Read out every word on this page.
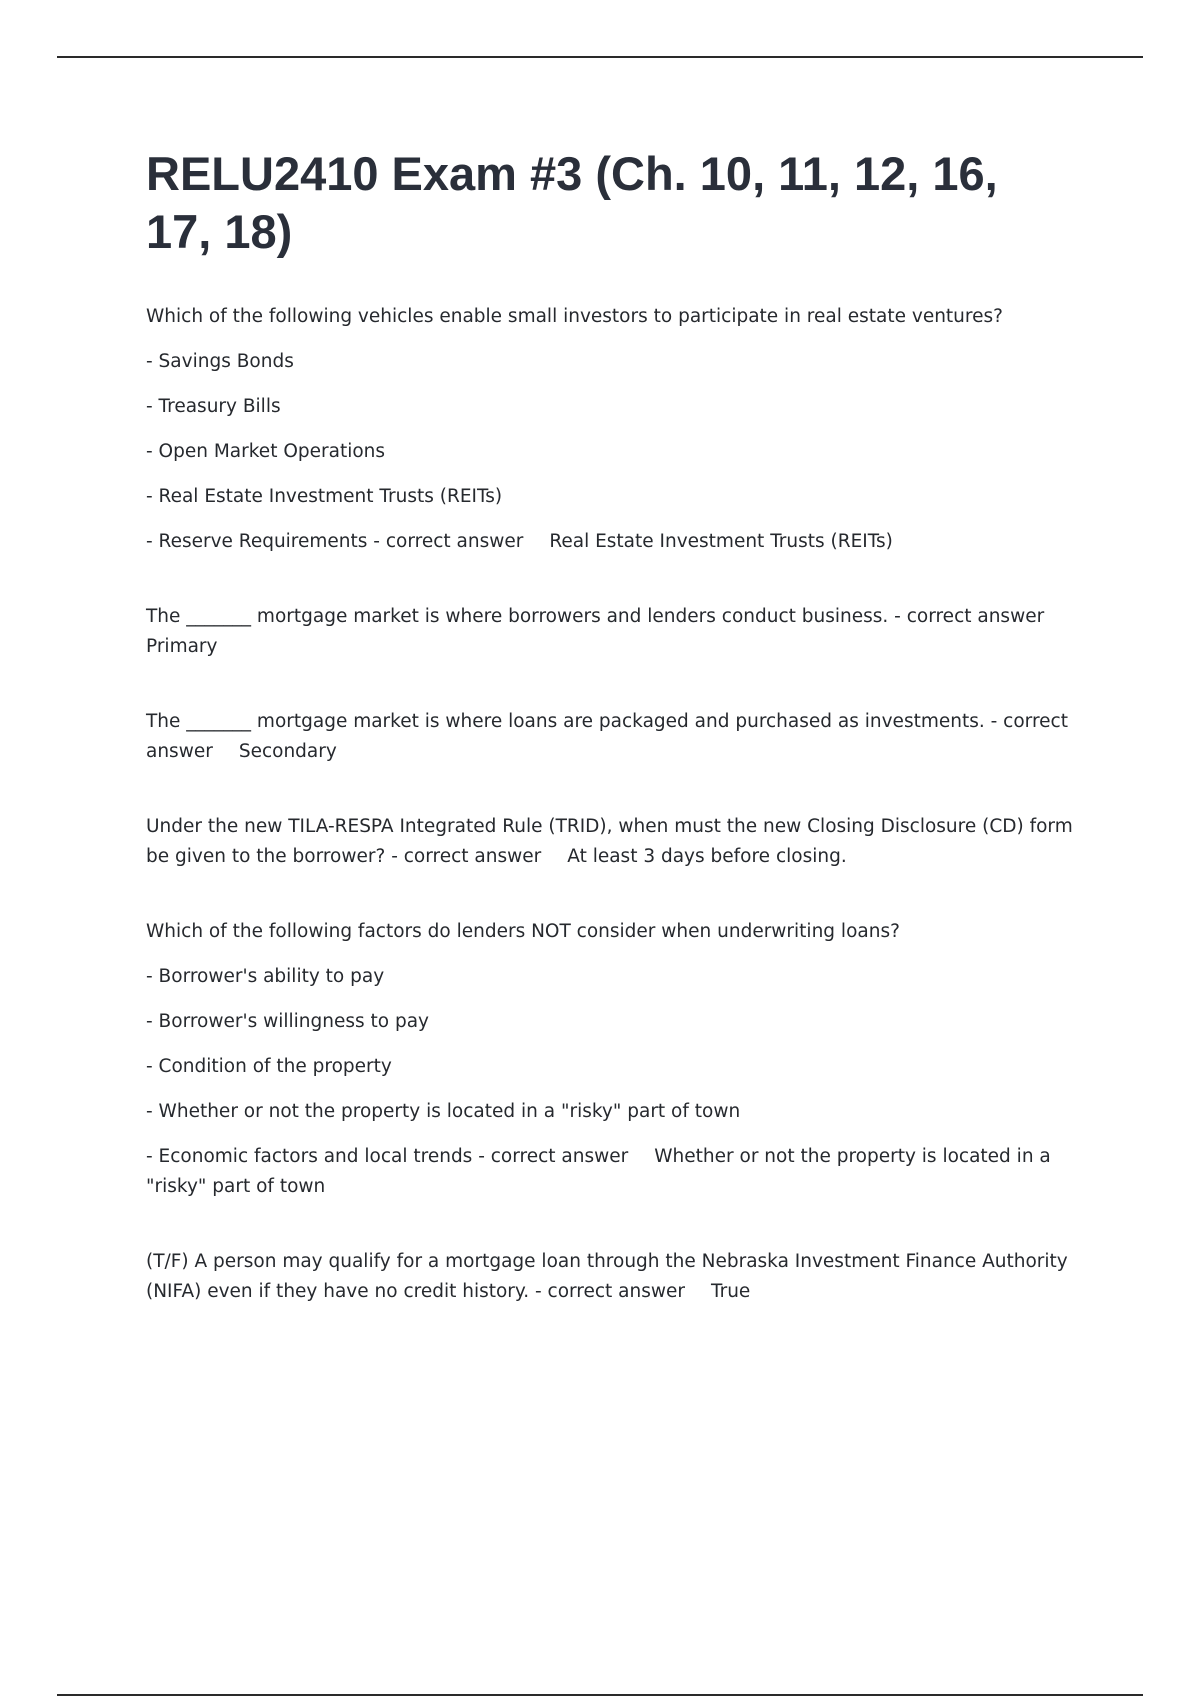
RELU2410 Exam #3 (Ch. 10, 11, 12, 16, 17, 18)

Which of the following vehicles enable small investors to participate in real estate ventures?

- Savings Bonds

- Treasury Bills

- Open Market Operations

- Real Estate Investment Trusts (REITs)

- Reserve Requirements - correct answer Real Estate Investment Trusts (REITs)

The _______ mortgage market is where borrowers and lenders conduct business. - correct answerPrimary

The _______ mortgage market is where loans are packaged and purchased as investments. - correct answer Secondary

Under the new TILA-RESPA Integrated Rule (TRID), when must the new Closing Disclosure (CD) form be given to the borrower? - correct answer At least 3 days before closing.

Which of the following factors do lenders NOT consider when underwriting loans?

- Borrower's ability to pay

- Borrower's willingness to pay

- Condition of the property

- Whether or not the property is located in a "risky" part of town

- Economic factors and local trends - correct answer Whether or not the property is located in a "risky" part of town

(T/F) A person may qualify for a mortgage loan through the Nebraska Investment Finance Authority (NIFA) even if they have no credit history. - correct answer True
